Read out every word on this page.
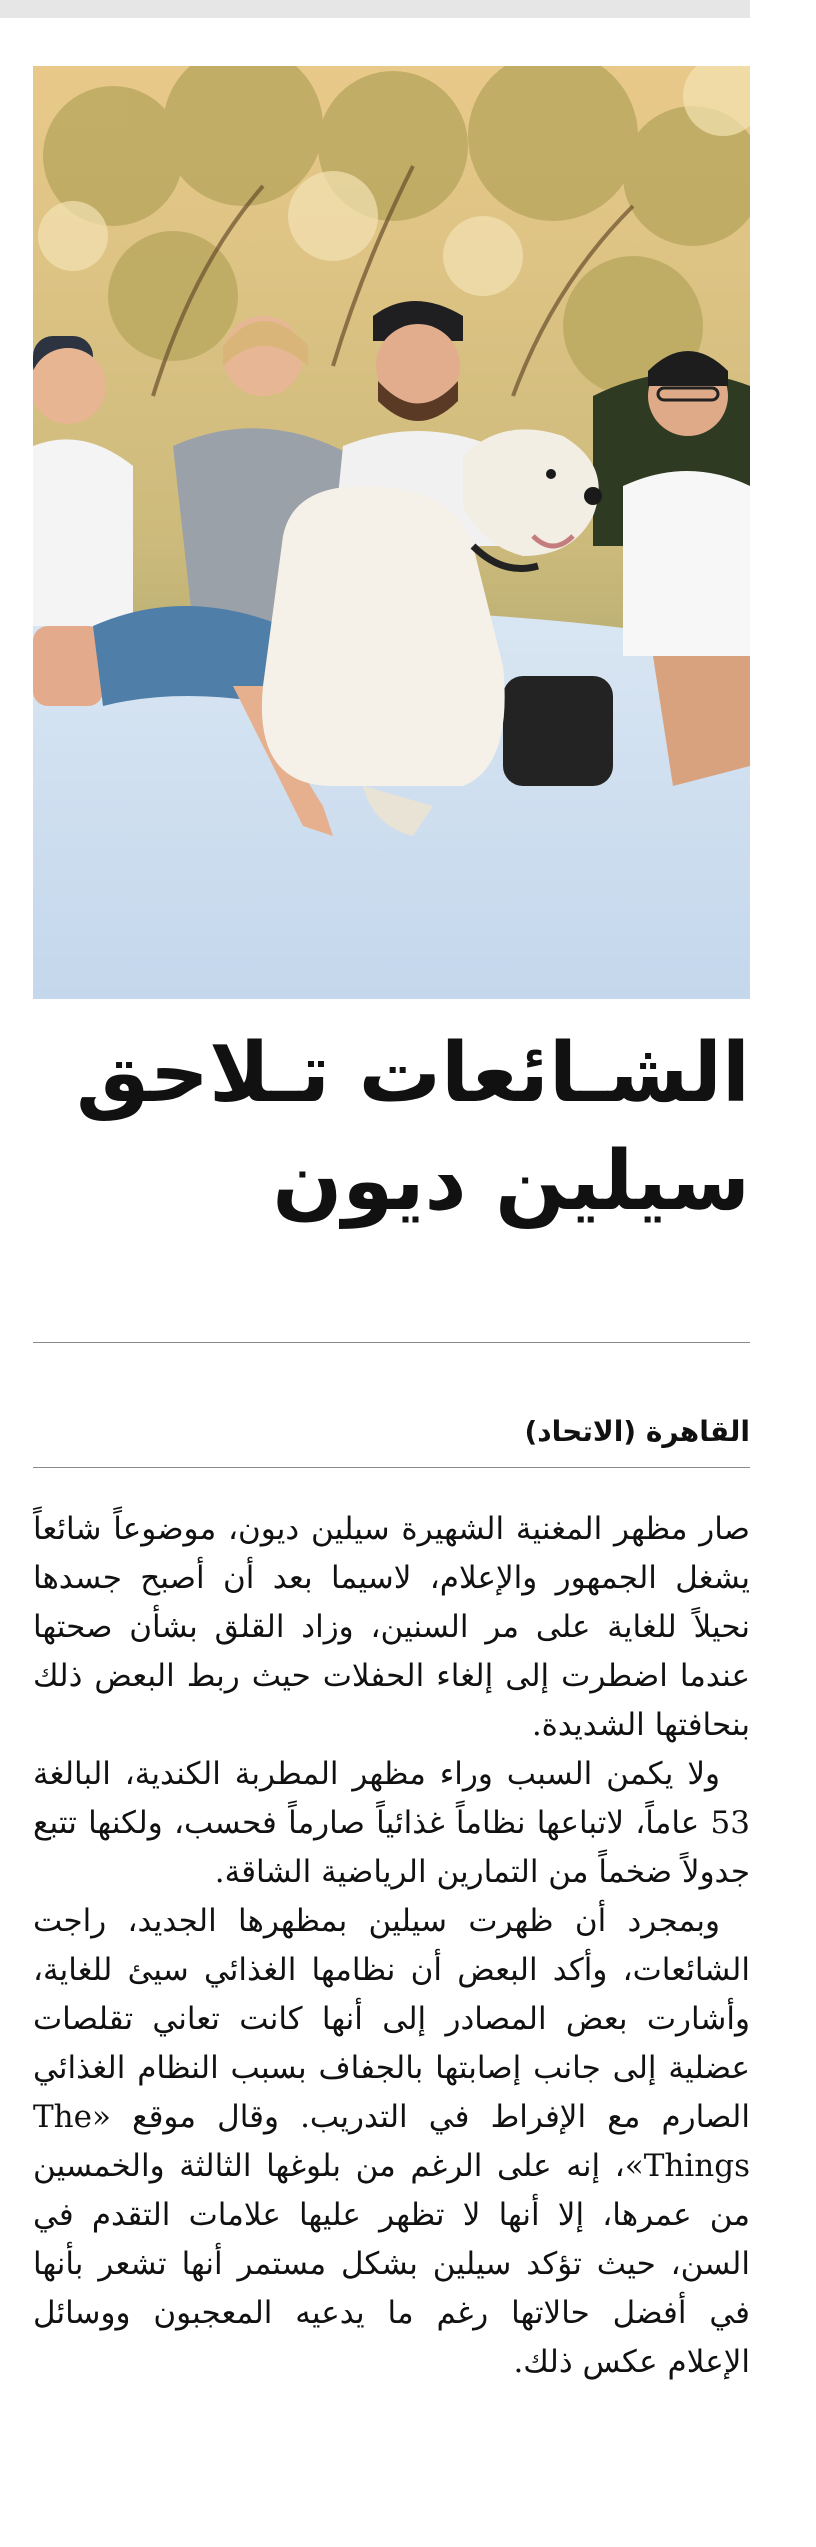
الشـائعات تـلاحق
سيلين ديون
القاهرة (الاتحاد)

صار مظهر المغنية الشهيرة سيلين ديون، موضوعاً شائعاً يشغل الجمهور والإعلام، لاسيما بعد أن أصبح جسدها نحيلاً للغاية على مر السنين، وزاد القلق بشأن صحتها عندما اضطرت إلى إلغاء الحفلات حيث ربط البعض ذلك بنحافتها الشديدة.

ولا يكمن السبب وراء مظهر المطربة الكندية، البالغة 53 عاماً، لاتباعها نظاماً غذائياً صارماً فحسب، ولكنها تتبع جدولاً ضخماً من التمارين الرياضية الشاقة.

وبمجرد أن ظهرت سيلين بمظهرها الجديد، راجت الشائعات، وأكد البعض أن نظامها الغذائي سيئ للغاية، وأشارت بعض المصادر إلى أنها كانت تعاني تقلصات عضلية إلى جانب إصابتها بالجفاف بسبب النظام الغذائي الصارم مع الإفراط في التدريب. وقال موقع «The Things»، إنه على الرغم من بلوغها الثالثة والخمسين من عمرها، إلا أنها لا تظهر عليها علامات التقدم في السن، حيث تؤكد سيلين بشكل مستمر أنها تشعر بأنها في أفضل حالاتها رغم ما يدعيه المعجبون ووسائل الإعلام عكس ذلك.
